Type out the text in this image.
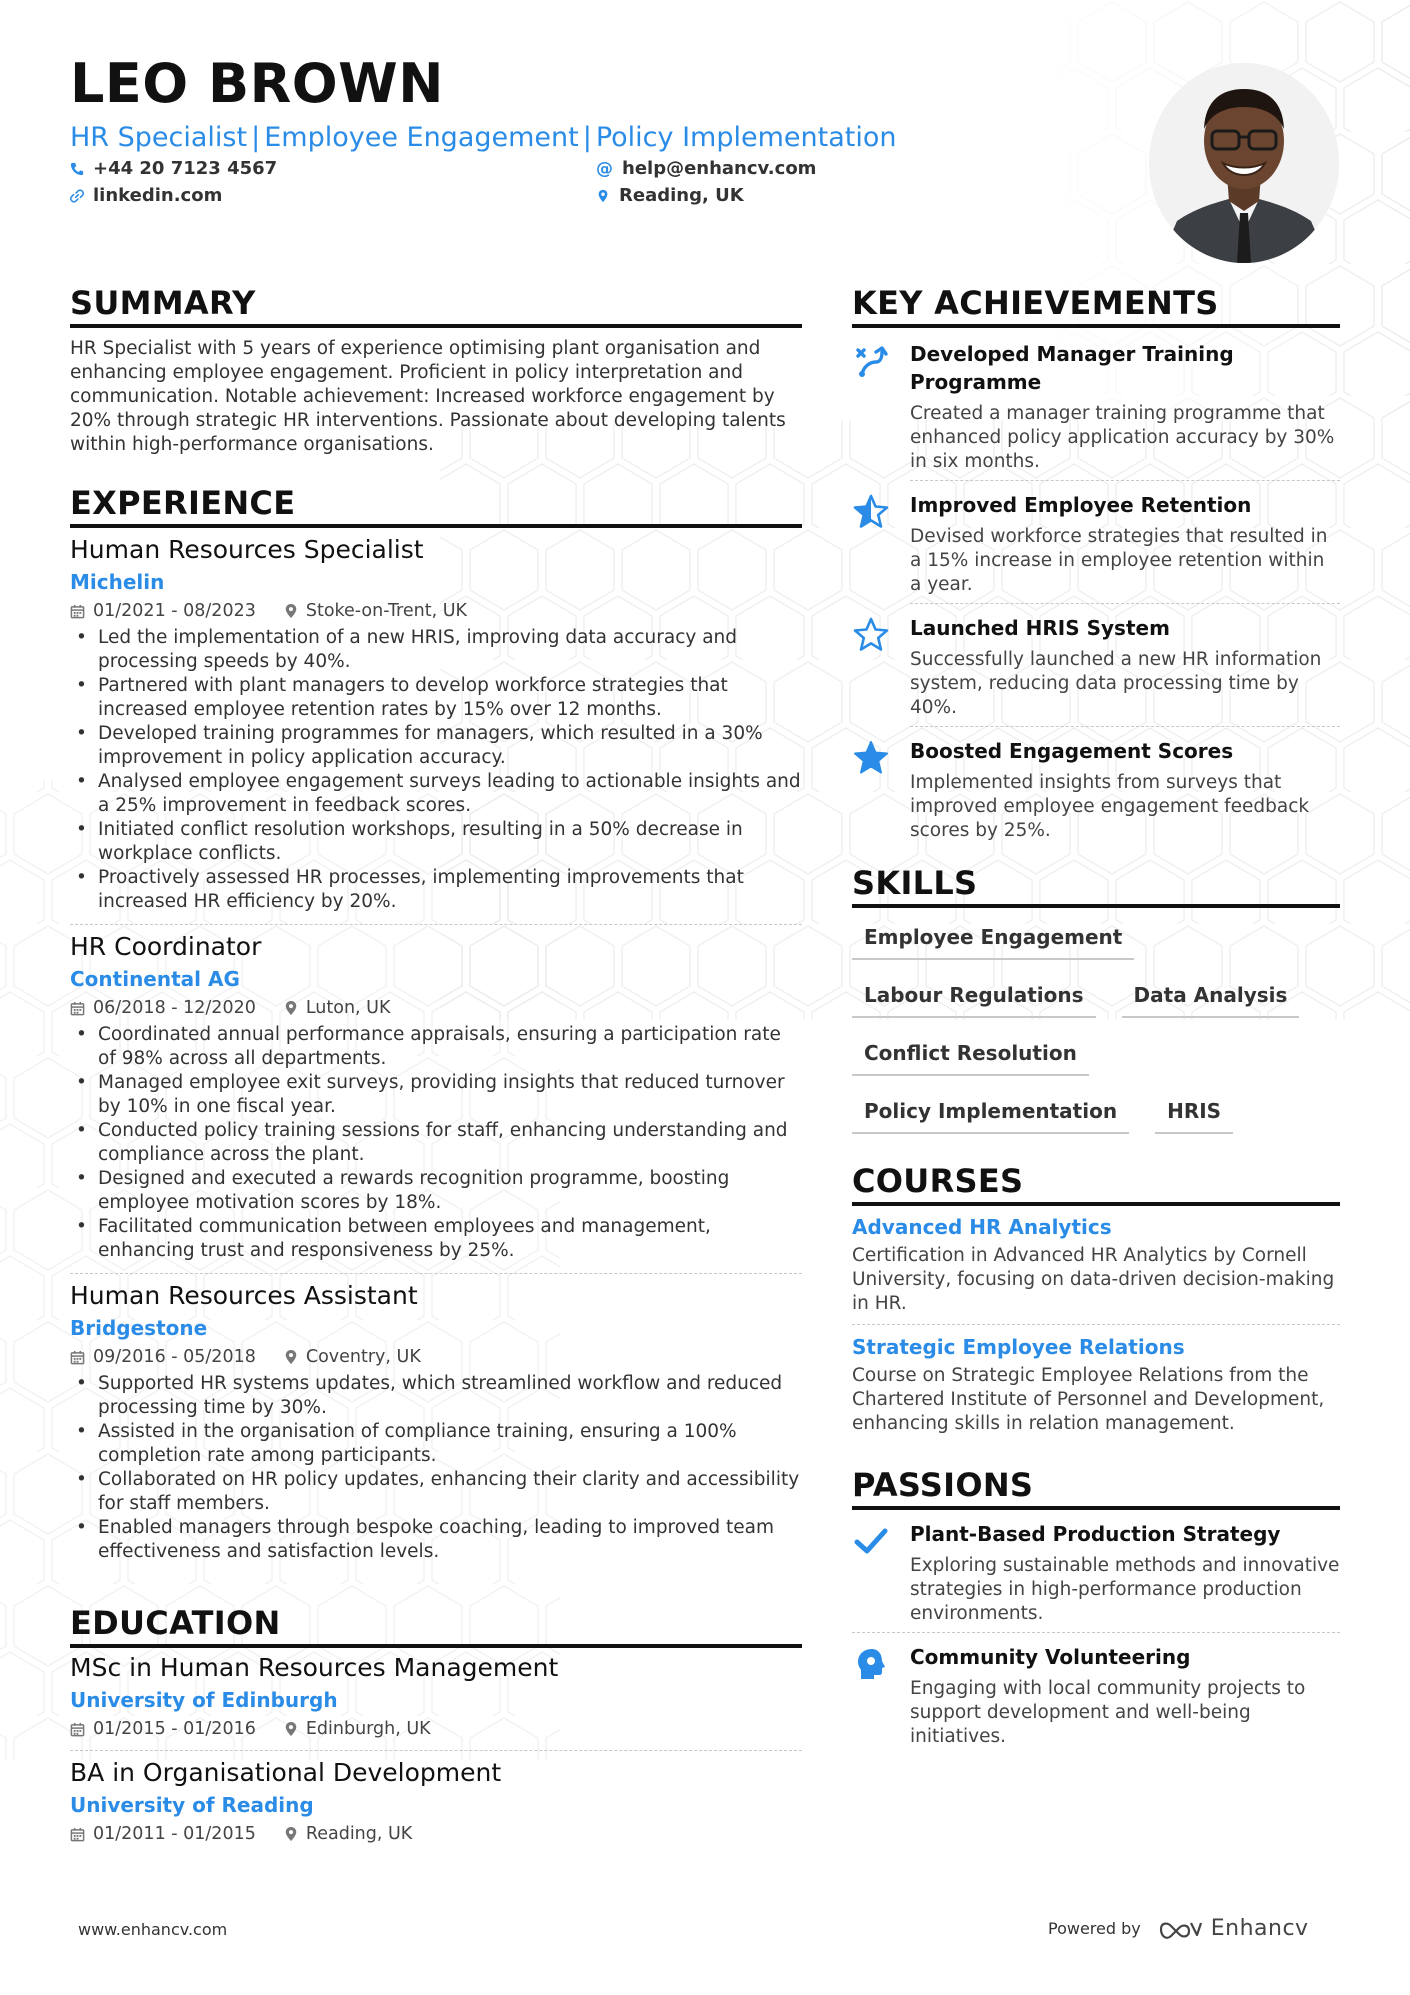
LEO BROWN
HR Specialist | Employee Engagement | Policy Implementation
+44 20 7123 4567	@ help@enhancv.com
linkedin.com	Reading, UK
SUMMARY
HR Specialist with 5 years of experience optimising plant organisation and enhancing employee engagement. Proficient in policy interpretation and communication. Notable achievement: Increased workforce engagement by 20% through strategic HR interventions. Passionate about developing talents within high-performance organisations.
EXPERIENCE
Human Resources Specialist
Michelin
01/2021 - 08/2023	Stoke-on-Trent, UK
• Led the implementation of a new HRIS, improving data accuracy and processing speeds by 40%.
• Partnered with plant managers to develop workforce strategies that increased employee retention rates by 15% over 12 months.
• Developed training programmes for managers, which resulted in a 30% improvement in policy application accuracy.
• Analysed employee engagement surveys leading to actionable insights and a 25% improvement in feedback scores.
• Initiated conflict resolution workshops, resulting in a 50% decrease in workplace conflicts.
• Proactively assessed HR processes, implementing improvements that increased HR efficiency by 20%.
HR Coordinator
Continental AG
06/2018 - 12/2020	Luton, UK
• Coordinated annual performance appraisals, ensuring a participation rate of 98% across all departments.
• Managed employee exit surveys, providing insights that reduced turnover by 10% in one fiscal year.
• Conducted policy training sessions for staff, enhancing understanding and compliance across the plant.
• Designed and executed a rewards recognition programme, boosting employee motivation scores by 18%.
• Facilitated communication between employees and management, enhancing trust and responsiveness by 25%.
Human Resources Assistant
Bridgestone
09/2016 - 05/2018	Coventry, UK
• Supported HR systems updates, which streamlined workflow and reduced processing time by 30%.
• Assisted in the organisation of compliance training, ensuring a 100% completion rate among participants.
• Collaborated on HR policy updates, enhancing their clarity and accessibility for staff members.
• Enabled managers through bespoke coaching, leading to improved team effectiveness and satisfaction levels.
EDUCATION
MSc in Human Resources Management
University of Edinburgh
01/2015 - 01/2016	Edinburgh, UK
BA in Organisational Development
University of Reading
01/2011 - 01/2015	Reading, UK
KEY ACHIEVEMENTS
Developed Manager Training Programme
Created a manager training programme that enhanced policy application accuracy by 30% in six months.
Improved Employee Retention
Devised workforce strategies that resulted in a 15% increase in employee retention within a year.
Launched HRIS System
Successfully launched a new HR information system, reducing data processing time by 40%.
Boosted Engagement Scores
Implemented insights from surveys that improved employee engagement feedback scores by 25%.
SKILLS
Employee Engagement
Labour Regulations	Data Analysis
Conflict Resolution
Policy Implementation	HRIS
COURSES
Advanced HR Analytics
Certification in Advanced HR Analytics by Cornell University, focusing on data-driven decision-making in HR.
Strategic Employee Relations
Course on Strategic Employee Relations from the Chartered Institute of Personnel and Development, enhancing skills in relation management.
PASSIONS
Plant-Based Production Strategy
Exploring sustainable methods and innovative strategies in high-performance production environments.
Community Volunteering
Engaging with local community projects to support development and well-being initiatives.
www.enhancv.com	Powered by	Enhancv
